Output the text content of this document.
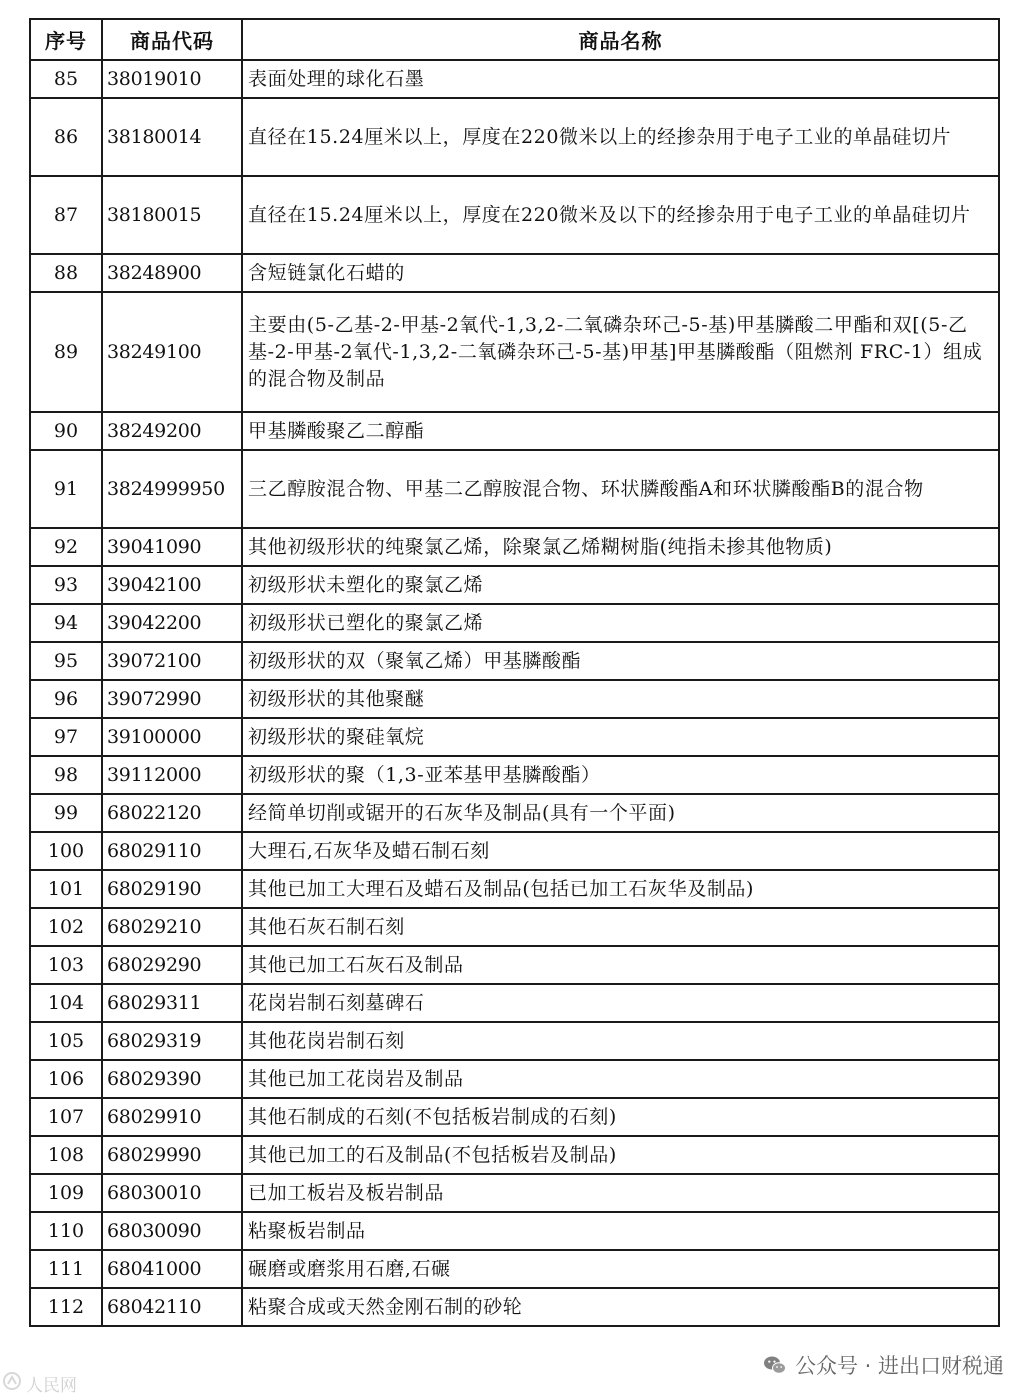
序号	商品代码	商品名称
85	38019010	表面处理的球化石墨
86	38180014	直径在15.24厘米以上，厚度在220微米以上的经掺杂用于电子工业的单晶硅切片
87	38180015	直径在15.24厘米以上，厚度在220微米及以下的经掺杂用于电子工业的单晶硅切片
88	38248900	含短链氯化石蜡的
89	38249100	主要由(5-乙基-2-甲基-2氧代-1,3,2-二氧磷杂环己-5-基)甲基膦酸二甲酯和双[(5-乙基-2-甲基-2氧代-1,3,2-二氧磷杂环己-5-基)甲基]甲基膦酸酯（阻燃剂 FRC-1）组成的混合物及制品
90	38249200	甲基膦酸聚乙二醇酯
91	3824999950	三乙醇胺混合物、甲基二乙醇胺混合物、环状膦酸酯A和环状膦酸酯B的混合物
92	39041090	其他初级形状的纯聚氯乙烯，除聚氯乙烯糊树脂(纯指未掺其他物质)
93	39042100	初级形状未塑化的聚氯乙烯
94	39042200	初级形状已塑化的聚氯乙烯
95	39072100	初级形状的双（聚氧乙烯）甲基膦酸酯
96	39072990	初级形状的其他聚醚
97	39100000	初级形状的聚硅氧烷
98	39112000	初级形状的聚（1,3-亚苯基甲基膦酸酯）
99	68022120	经简单切削或锯开的石灰华及制品(具有一个平面)
100	68029110	大理石,石灰华及蜡石制石刻
101	68029190	其他已加工大理石及蜡石及制品(包括已加工石灰华及制品)
102	68029210	其他石灰石制石刻
103	68029290	其他已加工石灰石及制品
104	68029311	花岗岩制石刻墓碑石
105	68029319	其他花岗岩制石刻
106	68029390	其他已加工花岗岩及制品
107	68029910	其他石制成的石刻(不包括板岩制成的石刻)
108	68029990	其他已加工的石及制品(不包括板岩及制品)
109	68030010	已加工板岩及板岩制品
110	68030090	粘聚板岩制品
111	68041000	碾磨或磨浆用石磨,石碾
112	68042110	粘聚合成或天然金刚石制的砂轮
公众号 · 进出口财税通
人民网
